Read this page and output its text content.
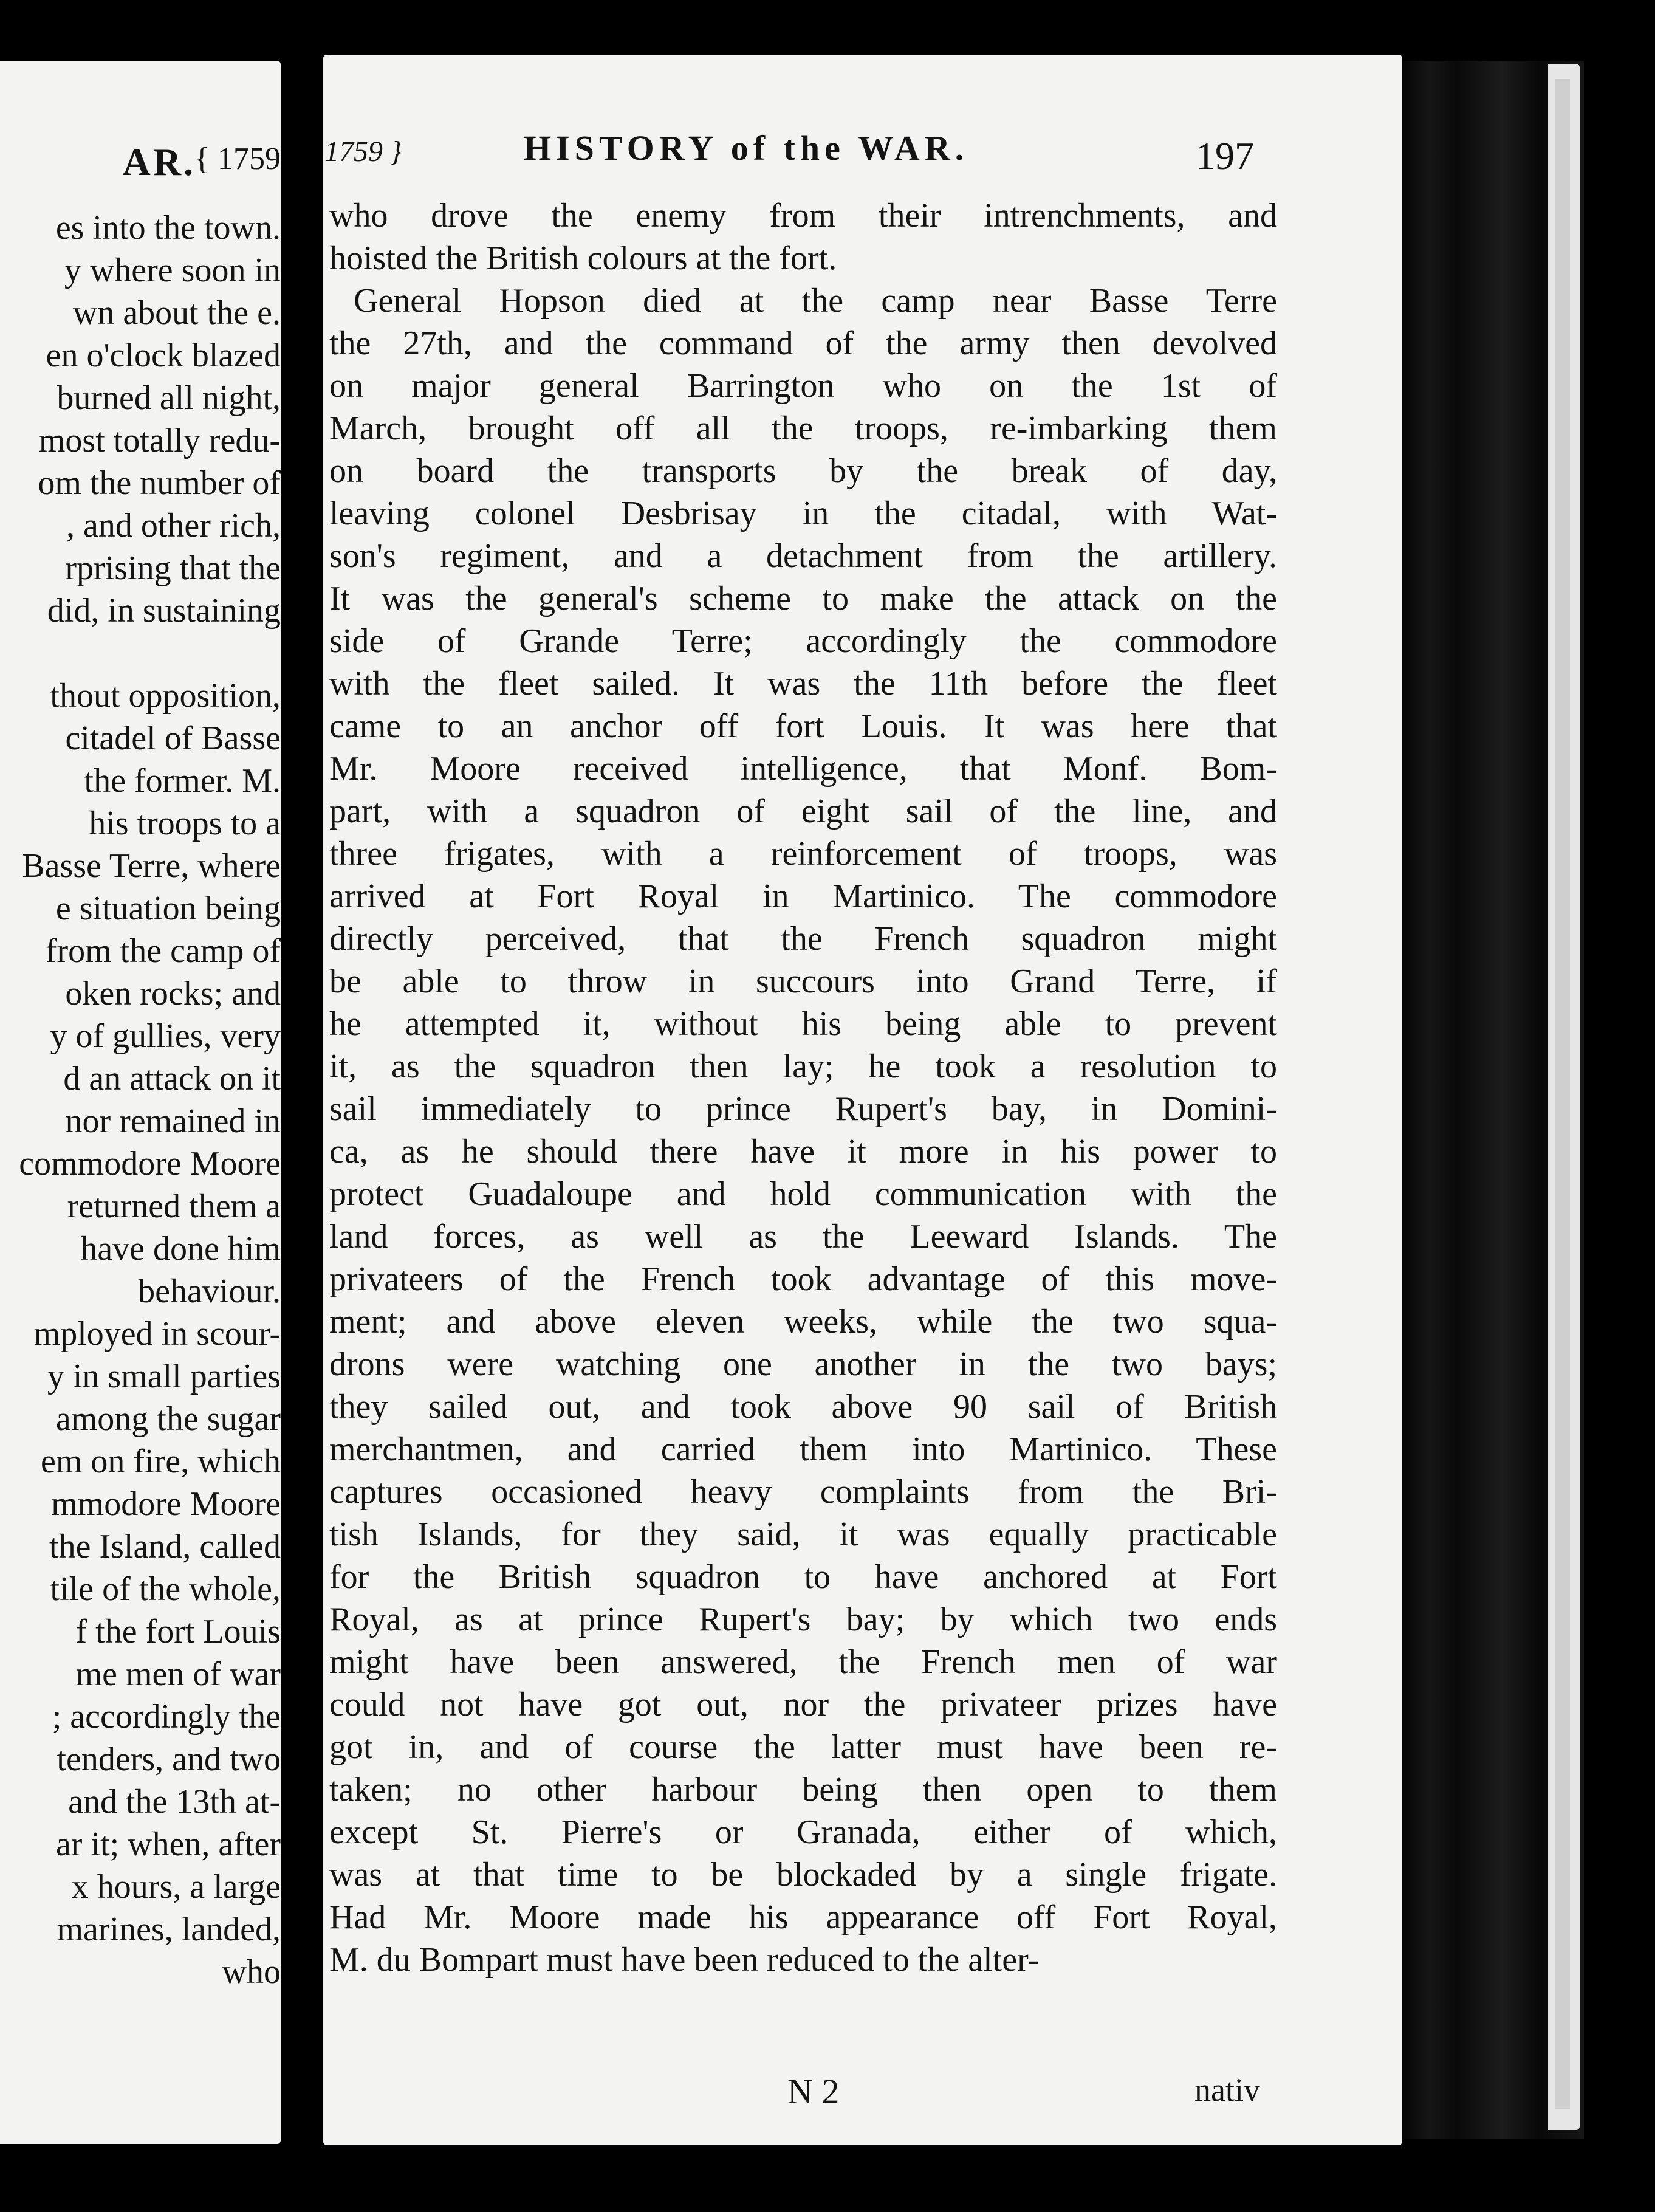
AR.
{ 1759
es into the town.
y where soon in
wn about the e.
en o'clock blazed
burned all night,
most totally redu-
om the number of
, and other rich,
rprising that the
did, in sustaining
thout opposition,
citadel of Basse
the former. M.
his troops to a
Basse Terre, where
e situation being
from the camp of
oken rocks; and
y of gullies, very
d an attack on it
nor remained in
commodore Moore
returned them a
have done him
behaviour.
mployed in scour-
y in small parties
among the sugar
em on fire, which
mmodore Moore
the Island, called
tile of the whole,
f the fort Louis
me men of war
; accordingly the
tenders, and two
and the 13th at-
ar it; when, after
x hours, a large
marines, landed,
who
1759 }	HISTORY of the WAR.	197
who drove the enemy from their intrenchments, and
hoisted the British colours at the fort.
General Hopson died at the camp near Basse Terre
the 27th, and the command of the army then devolved
on major general Barrington who on the 1st of
March, brought off all the troops, re-imbarking them
on board the transports by the break of day,
leaving colonel Desbrisay in the citadal, with Wat-
son's regiment, and a detachment from the artillery.
It was the general's scheme to make the attack on the
side of Grande Terre; accordingly the commodore
with the fleet sailed. It was the 11th before the fleet
came to an anchor off fort Louis. It was here that
Mr. Moore received intelligence, that Monf. Bom-
part, with a squadron of eight sail of the line, and
three frigates, with a reinforcement of troops, was
arrived at Fort Royal in Martinico. The commodore
directly perceived, that the French squadron might
be able to throw in succours into Grand Terre, if
he attempted it, without his being able to prevent
it, as the squadron then lay; he took a resolution to
sail immediately to prince Rupert's bay, in Domini-
ca, as he should there have it more in his power to
protect Guadaloupe and hold communication with the
land forces, as well as the Leeward Islands. The
privateers of the French took advantage of this move-
ment; and above eleven weeks, while the two squa-
drons were watching one another in the two bays;
they sailed out, and took above 90 sail of British
merchantmen, and carried them into Martinico. These
captures occasioned heavy complaints from the Bri-
tish Islands, for they said, it was equally practicable
for the British squadron to have anchored at Fort
Royal, as at prince Rupert's bay; by which two ends
might have been answered, the French men of war
could not have got out, nor the privateer prizes have
got in, and of course the latter must have been re-
taken; no other harbour being then open to them
except St. Pierre's or Granada, either of which,
was at that time to be blockaded by a single frigate.
Had Mr. Moore made his appearance off Fort Royal,
M. du Bompart must have been reduced to the alter-
N 2	nativ
